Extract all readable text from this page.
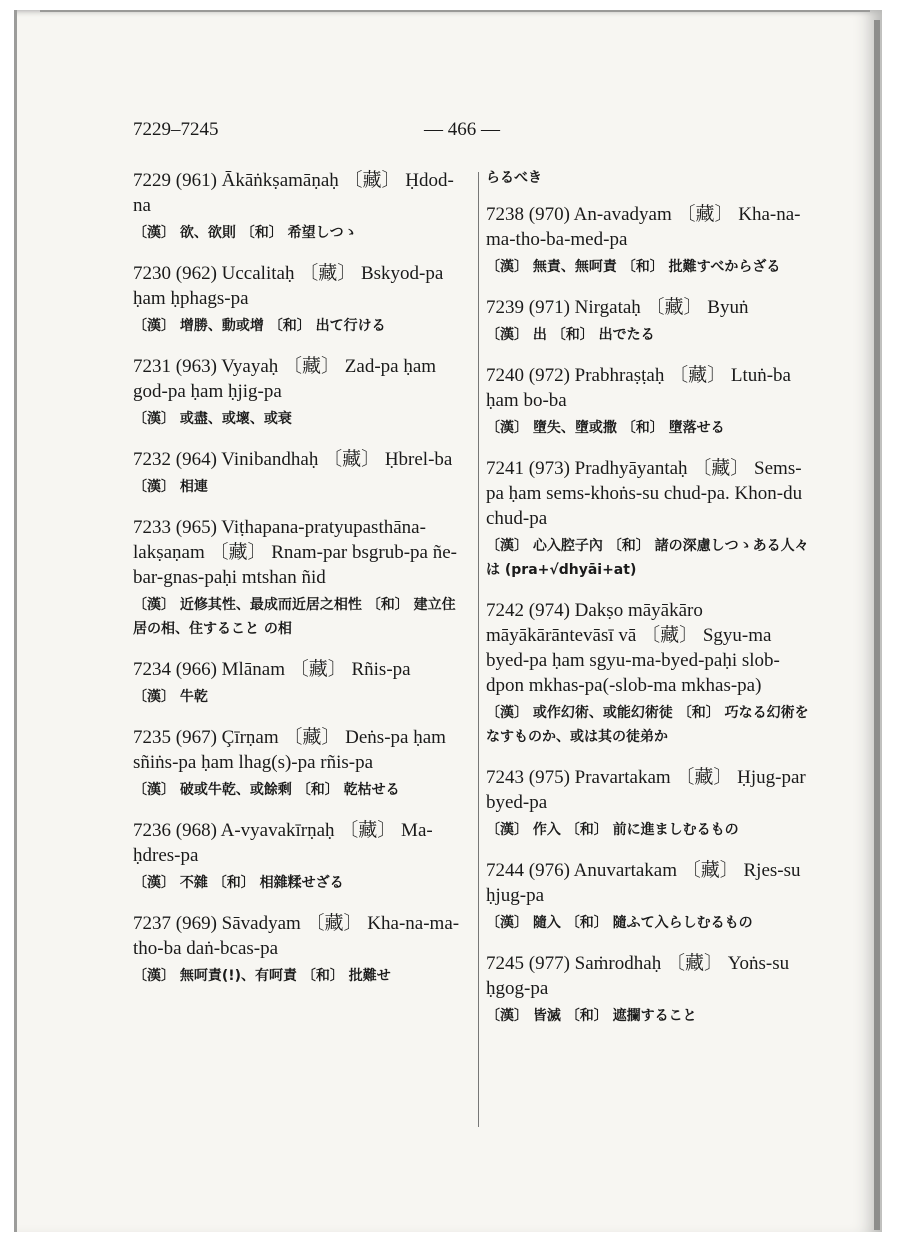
7229–7245	— 466 —
7229 (961) Ākāṅkṣamāṇaḥ 〔藏〕 Ḥdod-na
〔漢〕 欲、欲則 〔和〕 希望しつゝ
7230 (962) Uccalitaḥ 〔藏〕 Bskyod-pa ḥam ḥphags-pa
〔漢〕 增勝、動或增 〔和〕 出て行ける
7231 (963) Vyayaḥ 〔藏〕 Zad-pa ḥam god-pa ḥam ḥjig-pa
〔漢〕 或盡、或壞、或衰
7232 (964) Vinibandhaḥ 〔藏〕 Ḥbrel-ba
〔漢〕 相連
7233 (965) Viṭhapana-pratyupasthāna-lakṣaṇam 〔藏〕 Rnam-par bsgrub-pa ñe-bar-gnas-paḥi mtshan ñid
〔漢〕 近修其性、最成而近居之相性 〔和〕 建立住居の相、住すること の相
7234 (966) Mlānam 〔藏〕 Rñis-pa
〔漢〕 牛乾
7235 (967) Çīrṇam 〔藏〕 Deṅs-pa ḥam sñiṅs-pa ḥam lhag(s)-pa rñis-pa
〔漢〕 破或牛乾、或餘剩 〔和〕 乾枯せる
7236 (968) A-vyavakīrṇaḥ 〔藏〕 Ma-ḥdres-pa
〔漢〕 不雜 〔和〕 相雜糅せざる
7237 (969) Sāvadyam 〔藏〕 Kha-na-ma-tho-ba daṅ-bcas-pa
〔漢〕 無呵責(!)、有呵責 〔和〕 批難せ
らるべき
7238 (970) An-avadyam 〔藏〕 Kha-na-ma-tho-ba-med-pa
〔漢〕 無責、無呵責 〔和〕 批難すべからざる
7239 (971) Nirgataḥ 〔藏〕 Byuṅ
〔漢〕 出 〔和〕 出でたる
7240 (972) Prabhraṣṭaḥ 〔藏〕 Ltuṅ-ba ḥam bo-ba
〔漢〕 墮失、墮或撒 〔和〕 墮落せる
7241 (973) Pradhyāyantaḥ 〔藏〕 Sems-pa ḥam sems-khoṅs-su chud-pa. Khon-du chud-pa
〔漢〕 心入腔子內 〔和〕 諸の深慮しつゝある人々は (pra+√dhyāi+at)
7242 (974) Dakṣo māyākāro māyākārāntevāsī vā 〔藏〕 Sgyu-ma byed-pa ḥam sgyu-ma-byed-paḥi slob-dpon mkhas-pa(-slob-ma mkhas-pa)
〔漢〕 或作幻術、或能幻術徒 〔和〕 巧なる幻術をなすものか、或は其の徒弟か
7243 (975) Pravartakam 〔藏〕 Ḥjug-par byed-pa
〔漢〕 作入 〔和〕 前に進ましむるもの
7244 (976) Anuvartakam 〔藏〕 Rjes-su ḥjug-pa
〔漢〕 隨入 〔和〕 隨ふて入らしむるもの
7245 (977) Saṁrodhaḥ 〔藏〕 Yoṅs-su ḥgog-pa
〔漢〕 皆滅 〔和〕 遮攔すること
